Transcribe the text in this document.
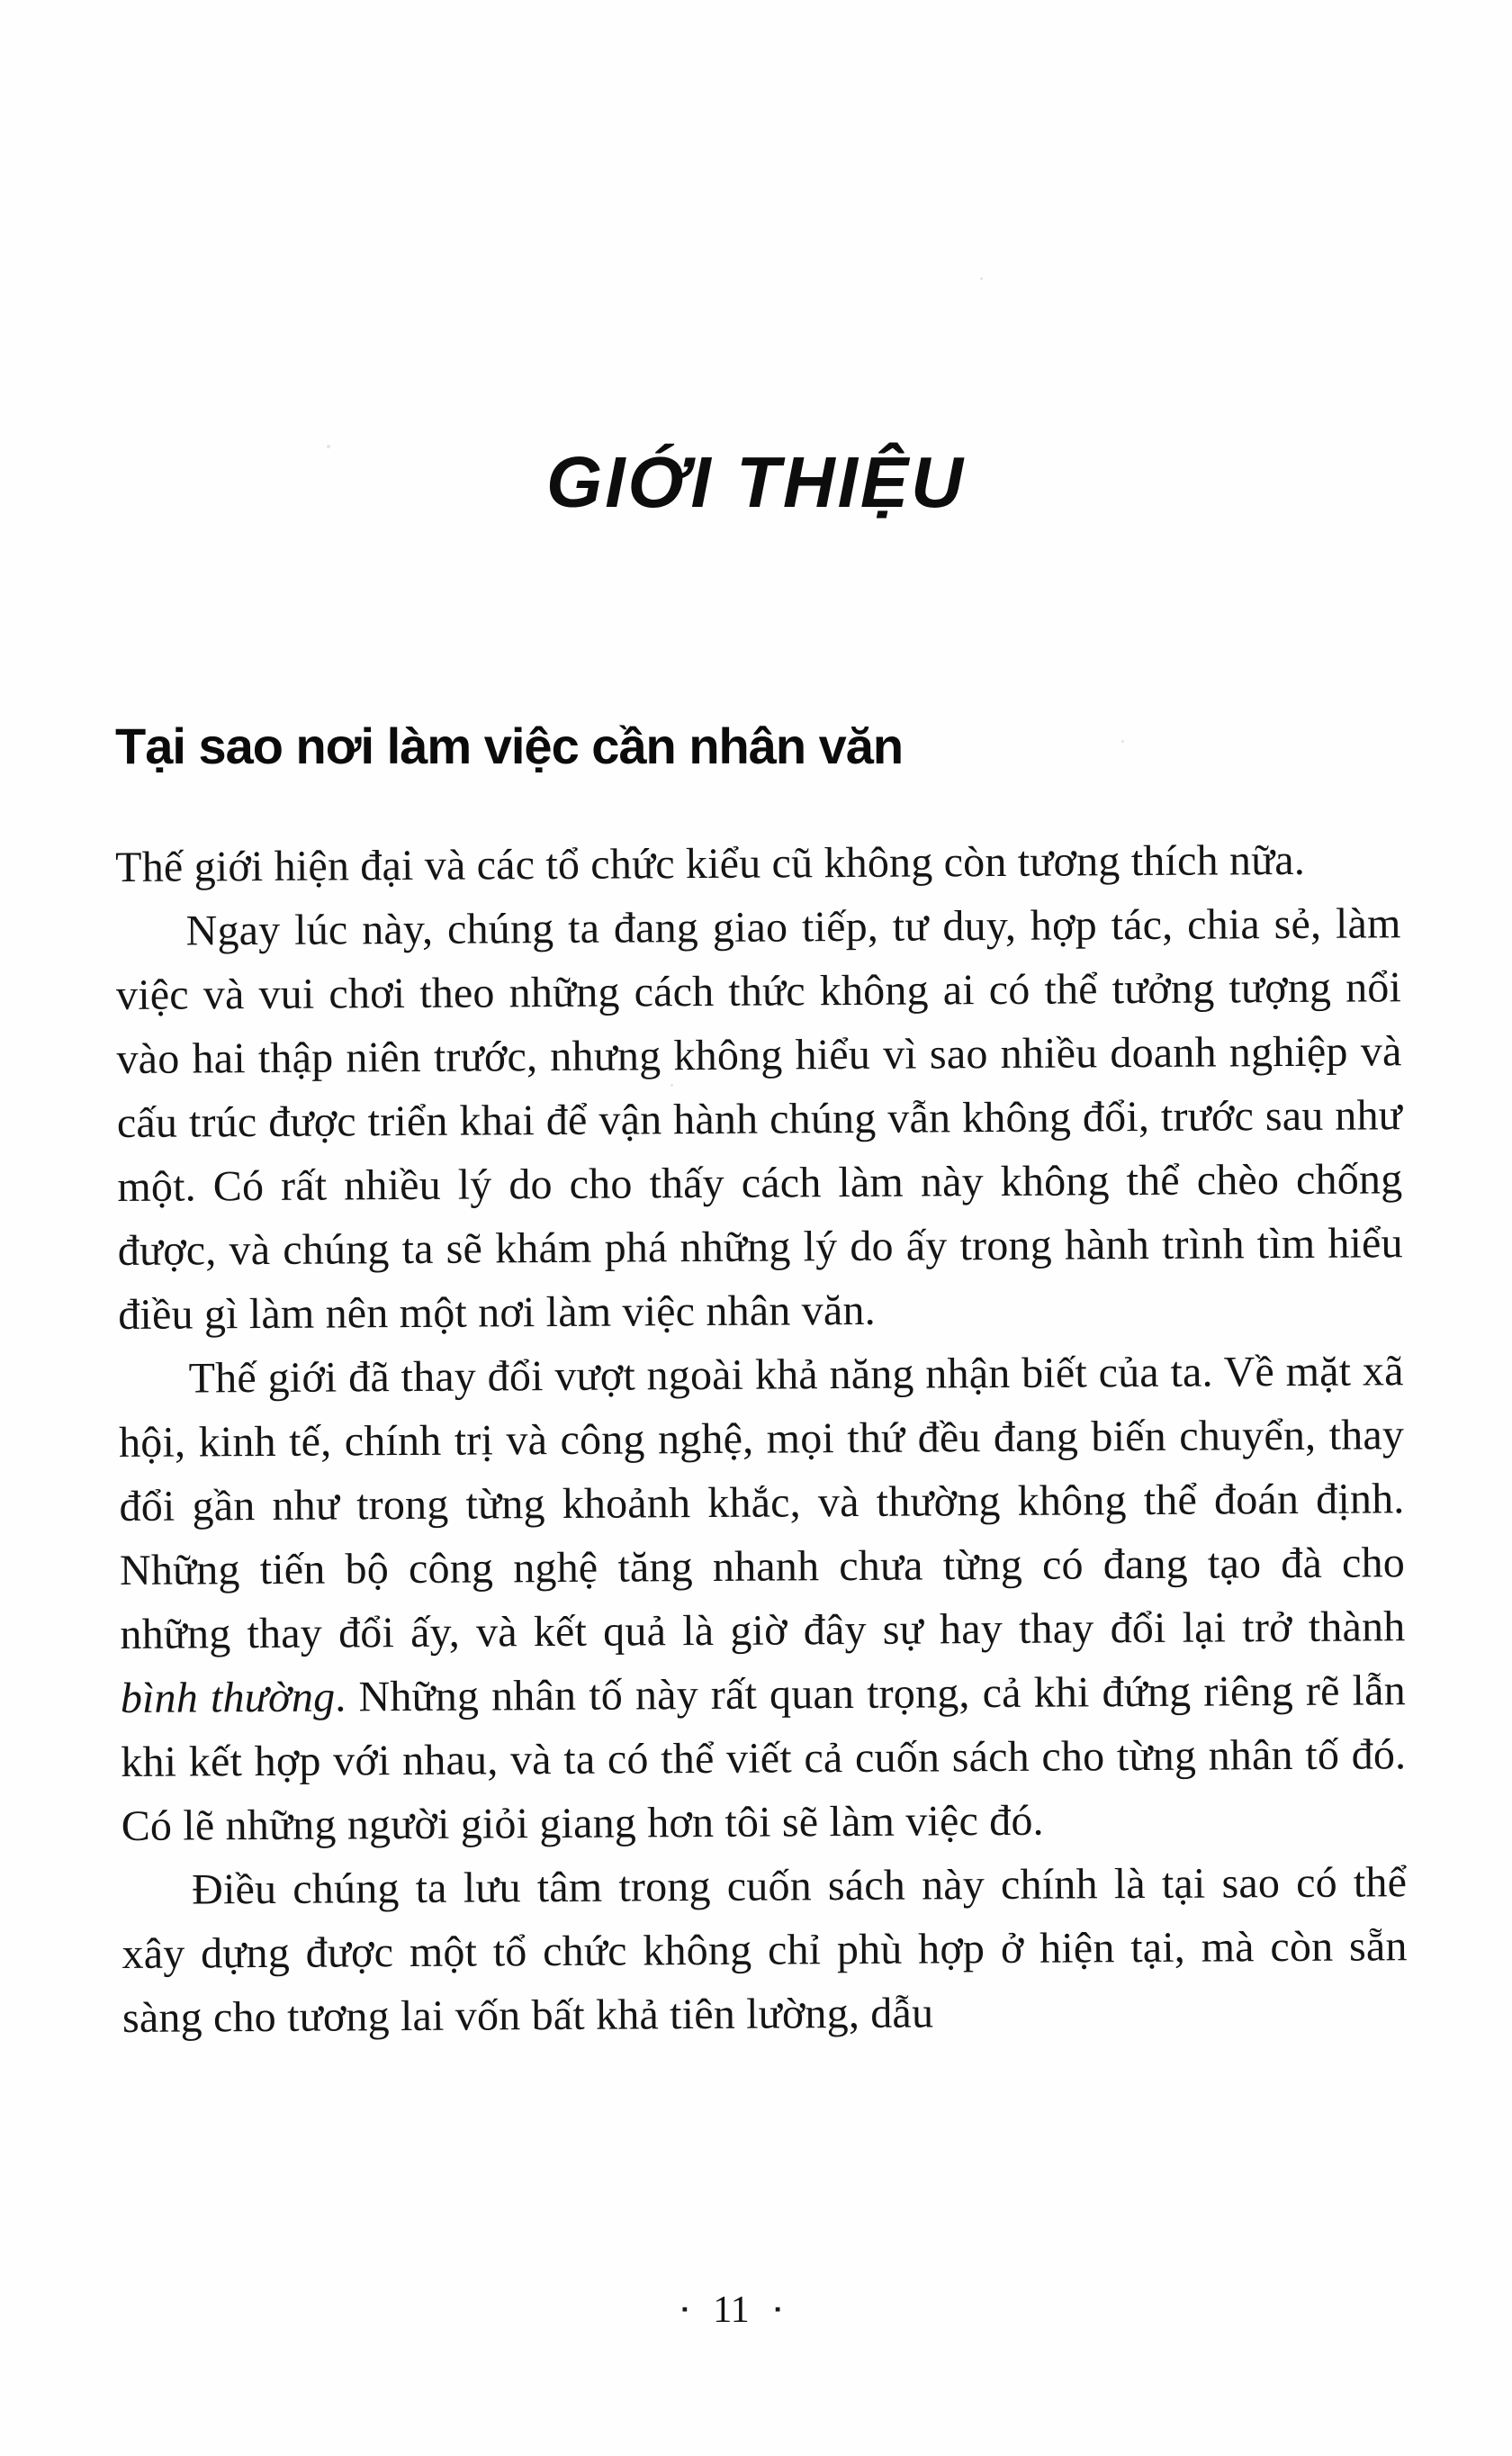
GIỚI THIỆU
Tại sao nơi làm việc cần nhân văn

Thế giới hiện đại và các tổ chức kiểu cũ không còn tương thích nữa.

Ngay lúc này, chúng ta đang giao tiếp, tư duy, hợp tác, chia sẻ, làm việc và vui chơi theo những cách thức không ai có thể tưởng tượng nổi vào hai thập niên trước, nhưng không hiểu vì sao nhiều doanh nghiệp và cấu trúc được triển khai để vận hành chúng vẫn không đổi, trước sau như một. Có rất nhiều lý do cho thấy cách làm này không thể chèo chống được, và chúng ta sẽ khám phá những lý do ấy trong hành trình tìm hiểu điều gì làm nên một nơi làm việc nhân văn.

Thế giới đã thay đổi vượt ngoài khả năng nhận biết của ta. Về mặt xã hội, kinh tế, chính trị và công nghệ, mọi thứ đều đang biến chuyển, thay đổi gần như trong từng khoảnh khắc, và thường không thể đoán định. Những tiến bộ công nghệ tăng nhanh chưa từng có đang tạo đà cho những thay đổi ấy, và kết quả là giờ đây sự hay thay đổi lại trở thành bình thường. Những nhân tố này rất quan trọng, cả khi đứng riêng rẽ lẫn khi kết hợp với nhau, và ta có thể viết cả cuốn sách cho từng nhân tố đó. Có lẽ những người giỏi giang hơn tôi sẽ làm việc đó.

Điều chúng ta lưu tâm trong cuốn sách này chính là tại sao có thể xây dựng được một tổ chức không chỉ phù hợp ở hiện tại, mà còn sẵn sàng cho tương lai vốn bất khả tiên lường, dẫu

▪ 11 ▪
